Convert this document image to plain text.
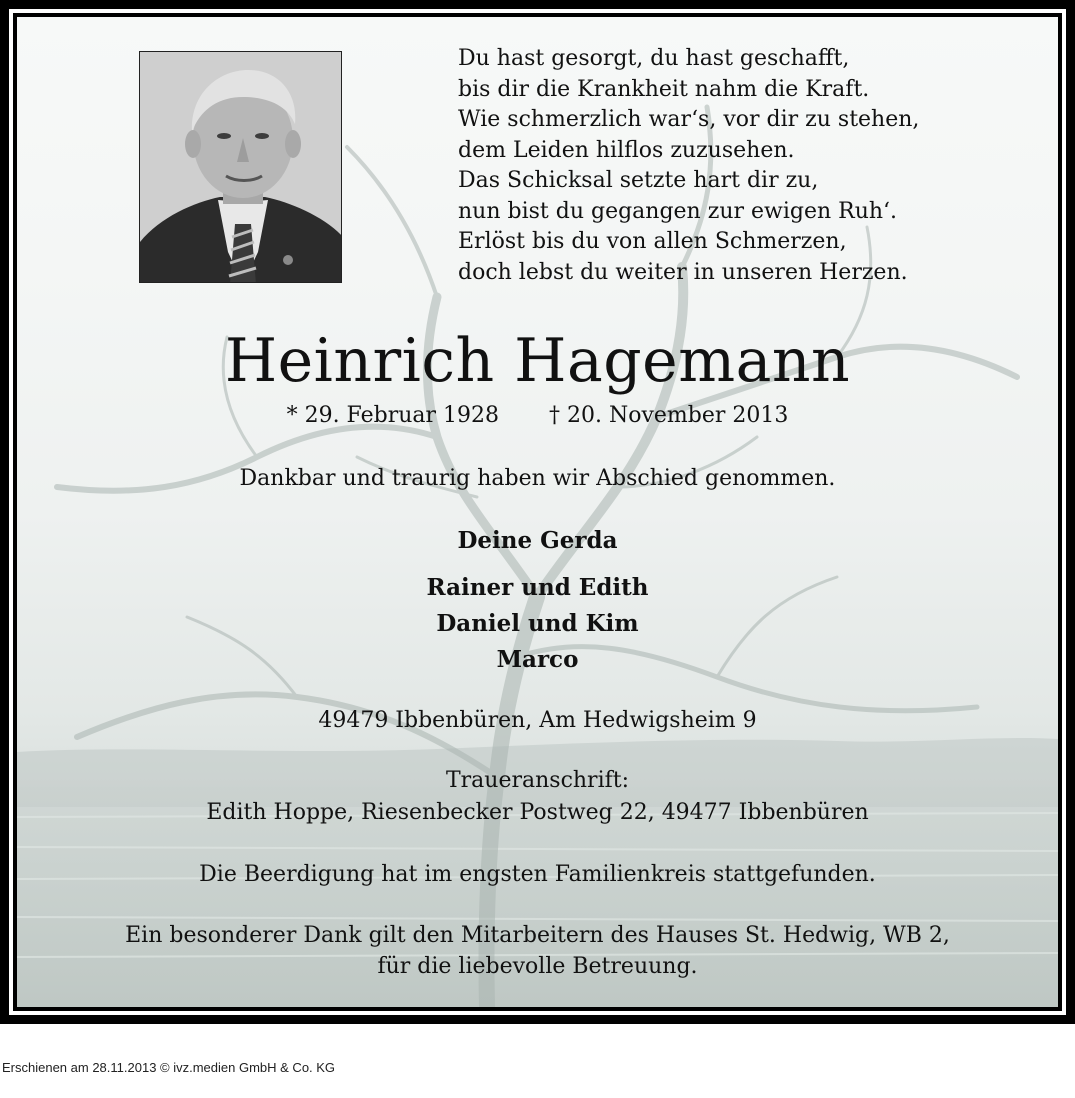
Du hast gesorgt, du hast geschafft,
bis dir die Krankheit nahm die Kraft.
Wie schmerzlich war‘s, vor dir zu stehen,
dem Leiden hilflos zuzusehen.
Das Schicksal setzte hart dir zu,
nun bist du gegangen zur ewigen Ruh‘.
Erlöst bis du von allen Schmerzen,
doch lebst du weiter in unseren Herzen.
Heinrich Hagemann
* 29. Februar 1928 † 20. November 2013
Dankbar und traurig haben wir Abschied genommen.
Deine Gerda
Rainer und Edith
Daniel und Kim
Marco
49479 Ibbenbüren, Am Hedwigsheim 9
Traueranschrift:
Edith Hoppe, Riesenbecker Postweg 22, 49477 Ibbenbüren
Die Beerdigung hat im engsten Familienkreis stattgefunden.
Ein besonderer Dank gilt den Mitarbeitern des Hauses St. Hedwig, WB 2,
für die liebevolle Betreuung.
Erschienen am 28.11.2013 © ivz.medien GmbH & Co. KG
